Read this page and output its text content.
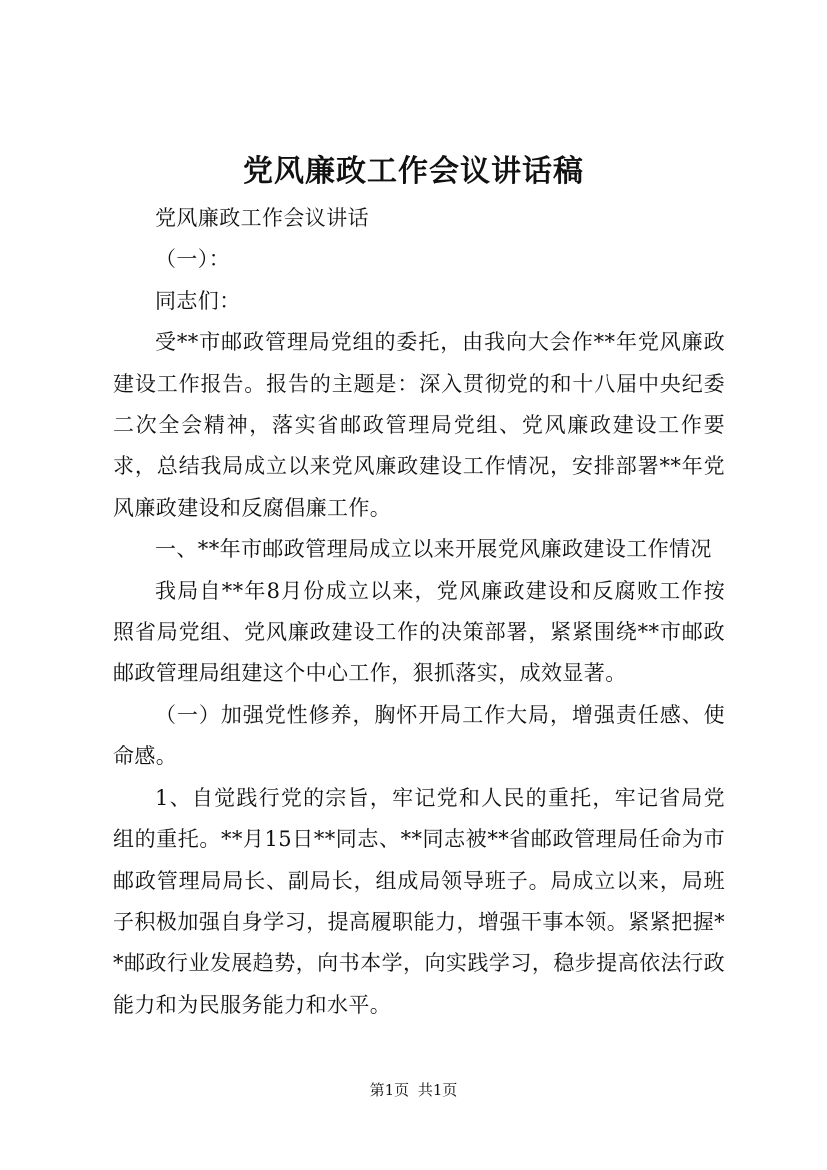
党风廉政工作会议讲话稿

党风廉政工作会议讲话

（一）：

同志们：

受**市邮政管理局党组的委托，由我向大会作**年党风廉政建设工作报告。报告的主题是：深入贯彻党的和十八届中央纪委二次全会精神，落实省邮政管理局党组、党风廉政建设工作要求，总结我局成立以来党风廉政建设工作情况，安排部署**年党风廉政建设和反腐倡廉工作。

一、**年市邮政管理局成立以来开展党风廉政建设工作情况

我局自**年8月份成立以来，党风廉政建设和反腐败工作按照省局党组、党风廉政建设工作的决策部署，紧紧围绕**市邮政邮政管理局组建这个中心工作，狠抓落实，成效显著。

（一）加强党性修养，胸怀开局工作大局，增强责任感、使命感。

1、自觉践行党的宗旨，牢记党和人民的重托，牢记省局党组的重托。**月15日**同志、**同志被**省邮政管理局任命为市邮政管理局局长、副局长，组成局领导班子。局成立以来，局班子积极加强自身学习，提高履职能力，增强干事本领。紧紧把握**邮政行业发展趋势，向书本学，向实践学习，稳步提高依法行政能力和为民服务能力和水平。

第1页 共1页
